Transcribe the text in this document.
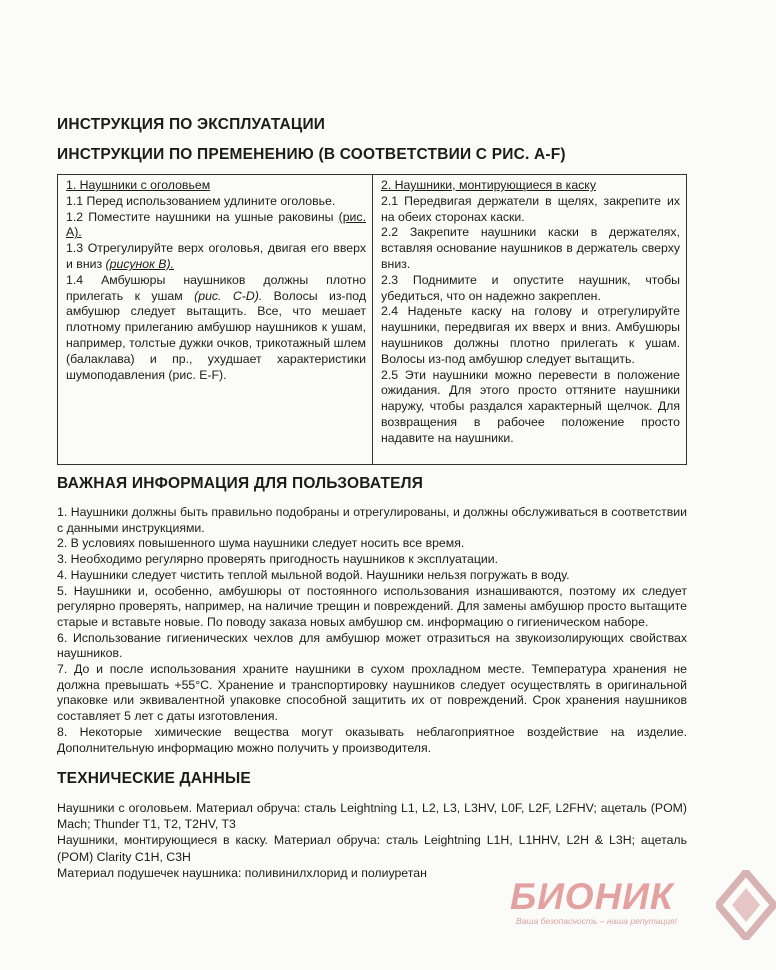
ИНСТРУКЦИЯ ПО ЭКСПЛУАТАЦИИ
ИНСТРУКЦИИ ПО ПРЕМЕНЕНИЮ (В СООТВЕТСТВИИ С РИС. А-F)
1. Наушники с оголовьем

1.1 Перед использованием удлините оголовье.

1.2 Поместите наушники на ушные раковины (рис. А).

1.3 Отрегулируйте верх оголовья, двигая его вверх и вниз (рисунок В).

1.4 Амбушюры наушников должны плотно прилегать к ушам (рис. С-D). Волосы из-под амбушюр следует вытащить. Все, что мешает плотному прилеганию амбушюр наушников к ушам, например, толстые дужки очков, трикотажный шлем (балаклава) и пр., ухудшает характеристики шумоподавления (рис. Е-F).

2. Наушники, монтирующиеся в каску

2.1 Передвигая держатели в щелях, закрепите их на обеих сторонах каски.

2.2 Закрепите наушники каски в держателях, вставляя основание наушников в держатель сверху вниз.

2.3 Поднимите и опустите наушник, чтобы убедиться, что он надежно закреплен.

2.4 Наденьте каску на голову и отрегулируйте наушники, передвигая их вверх и вниз. Амбушюры наушников должны плотно прилегать к ушам. Волосы из-под амбушюр следует вытащить.

2.5 Эти наушники можно перевести в положение ожидания. Для этого просто оттяните наушники наружу, чтобы раздался характерный щелчок. Для возвращения в рабочее положение просто надавите на наушники.

ВАЖНАЯ ИНФОРМАЦИЯ ДЛЯ ПОЛЬЗОВАТЕЛЯ

1. Наушники должны быть правильно подобраны и отрегулированы, и должны обслуживаться в соответствии с данными инструкциями.

2. В условиях повышенного шума наушники следует носить все время.

3. Необходимо регулярно проверять пригодность наушников к эксплуатации.

4. Наушники следует чистить теплой мыльной водой. Наушники нельзя погружать в воду.

5. Наушники и, особенно, амбушюры от постоянного использования изнашиваются, поэтому их следует регулярно проверять, например, на наличие трещин и повреждений. Для замены амбушюр просто вытащите старые и вставьте новые. По поводу заказа новых амбушюр см. информацию о гигиеническом наборе.

6. Использование гигиенических чехлов для амбушюр может отразиться на звукоизолирующих свойствах наушников.

7. До и после использования храните наушники в сухом прохладном месте. Температура хранения не должна превышать +55°С. Хранение и транспортировку наушников следует осуществлять в оригинальной упаковке или эквивалентной упаковке способной защитить их от повреждений. Срок хранения наушников составляет 5 лет с даты изготовления.

8. Некоторые химические вещества могут оказывать неблагоприятное воздействие на изделие. Дополнительную информацию можно получить у производителя.

ТЕХНИЧЕСКИЕ ДАННЫЕ

Наушники с оголовьем. Материал обруча: сталь Leightning L1, L2, L3, L3HV, L0F, L2F, L2FHV; ацеталь (POM) Mach; Thunder T1, T2, T2HV, T3

Наушники, монтирующиеся в каску. Материал обруча: сталь Leightning L1H, L1HHV, L2H & L3H; ацеталь (POM) Clarity C1H, C3H

Материал подушечек наушника: поливинилхлорид и полиуретан

БИОНИК
Ваша безопасность – наша репутация!
